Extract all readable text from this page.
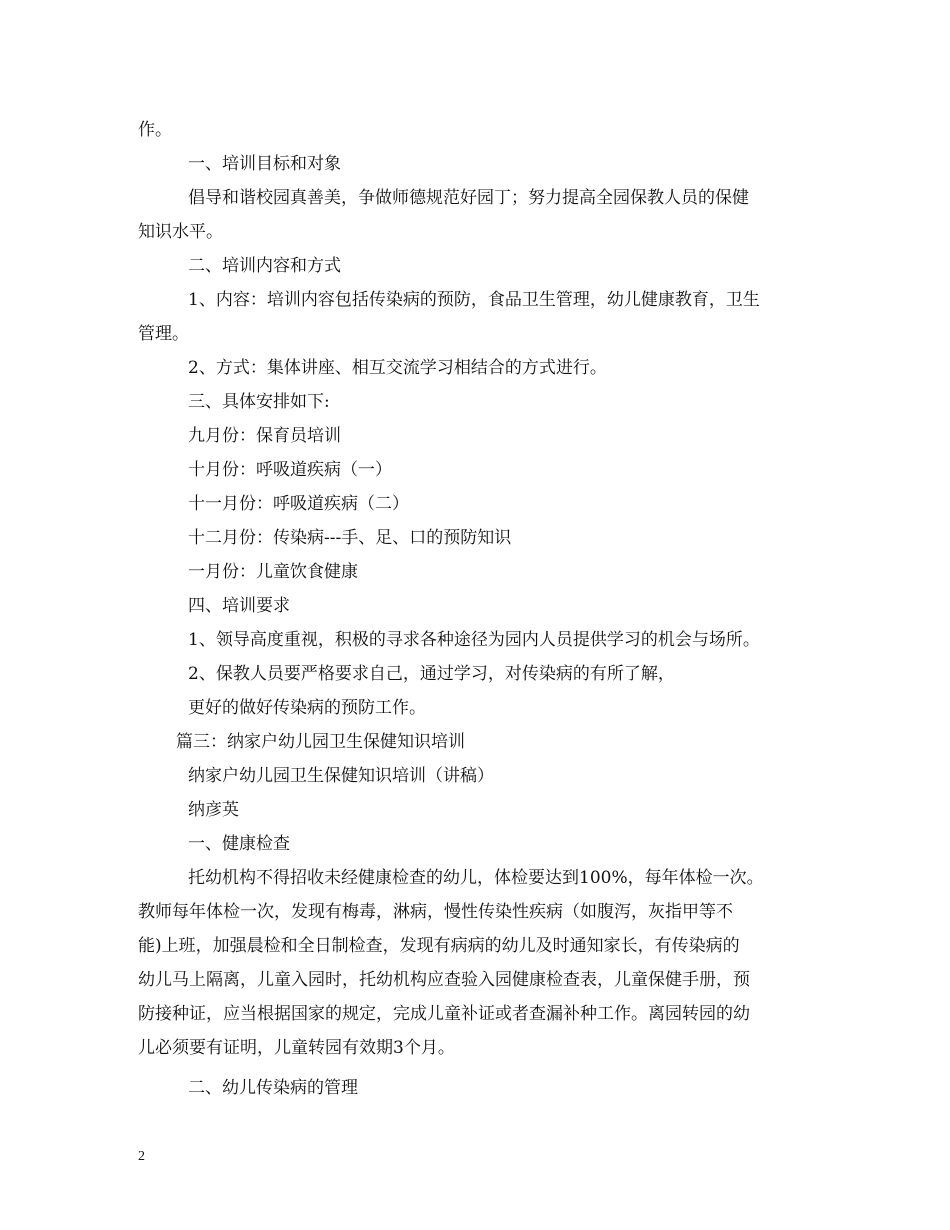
作。
一、培训目标和对象
倡导和谐校园真善美，争做师德规范好园丁；努力提高全园保教人员的保健
知识水平。
二、培训内容和方式
1、内容：培训内容包括传染病的预防，食品卫生管理，幼儿健康教育，卫生
管理。
2、方式：集体讲座、相互交流学习相结合的方式进行。
三、具体安排如下:
九月份：保育员培训
十月份：呼吸道疾病（一）
十一月份：呼吸道疾病（二）
十二月份：传染病---手、足、口的预防知识
一月份：儿童饮食健康
四、培训要求
1、领导高度重视，积极的寻求各种途径为园内人员提供学习的机会与场所。
2、保教人员要严格要求自己，通过学习，对传染病的有所了解，
更好的做好传染病的预防工作。
篇三：纳家户幼儿园卫生保健知识培训
纳家户幼儿园卫生保健知识培训（讲稿）
纳彦英
一、健康检查
托幼机构不得招收未经健康检查的幼儿，体检要达到100%，每年体检一次。
教师每年体检一次，发现有梅毒，淋病，慢性传染性疾病（如腹泻，灰指甲等不
能)上班，加强晨检和全日制检查，发现有病病的幼儿及时通知家长，有传染病的
幼儿马上隔离，儿童入园时，托幼机构应查验入园健康检查表，儿童保健手册，预
防接种证，应当根据国家的规定，完成儿童补证或者查漏补种工作。离园转园的幼
儿必须要有证明，儿童转园有效期3个月。
二、幼儿传染病的管理
2
